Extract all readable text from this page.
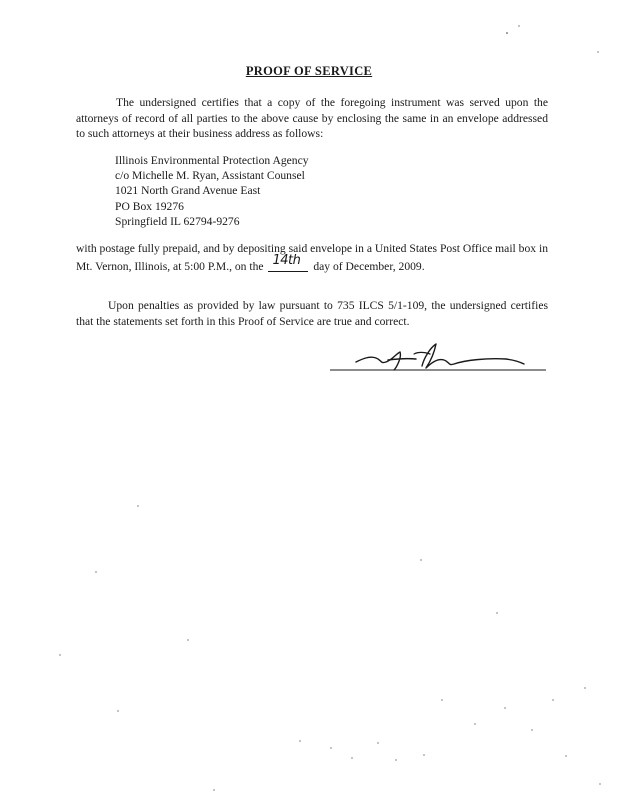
PROOF OF SERVICE
The undersigned certifies that a copy of the foregoing instrument was served upon the attorneys of record of all parties to the above cause by enclosing the same in an envelope addressed to such attorneys at their business address as follows:
Illinois Environmental Protection Agency
c/o Michelle M. Ryan, Assistant Counsel
1021 North Grand Avenue East
PO Box 19276
Springfield IL 62794-9276
with postage fully prepaid, and by depositing said envelope in a United States Post Office mail box in Mt. Vernon, Illinois, at 5:00 P.M., on the 14th day of December, 2009.
Upon penalties as provided by law pursuant to 735 ILCS 5/1-109, the undersigned certifies that the statements set forth in this Proof of Service are true and correct.
